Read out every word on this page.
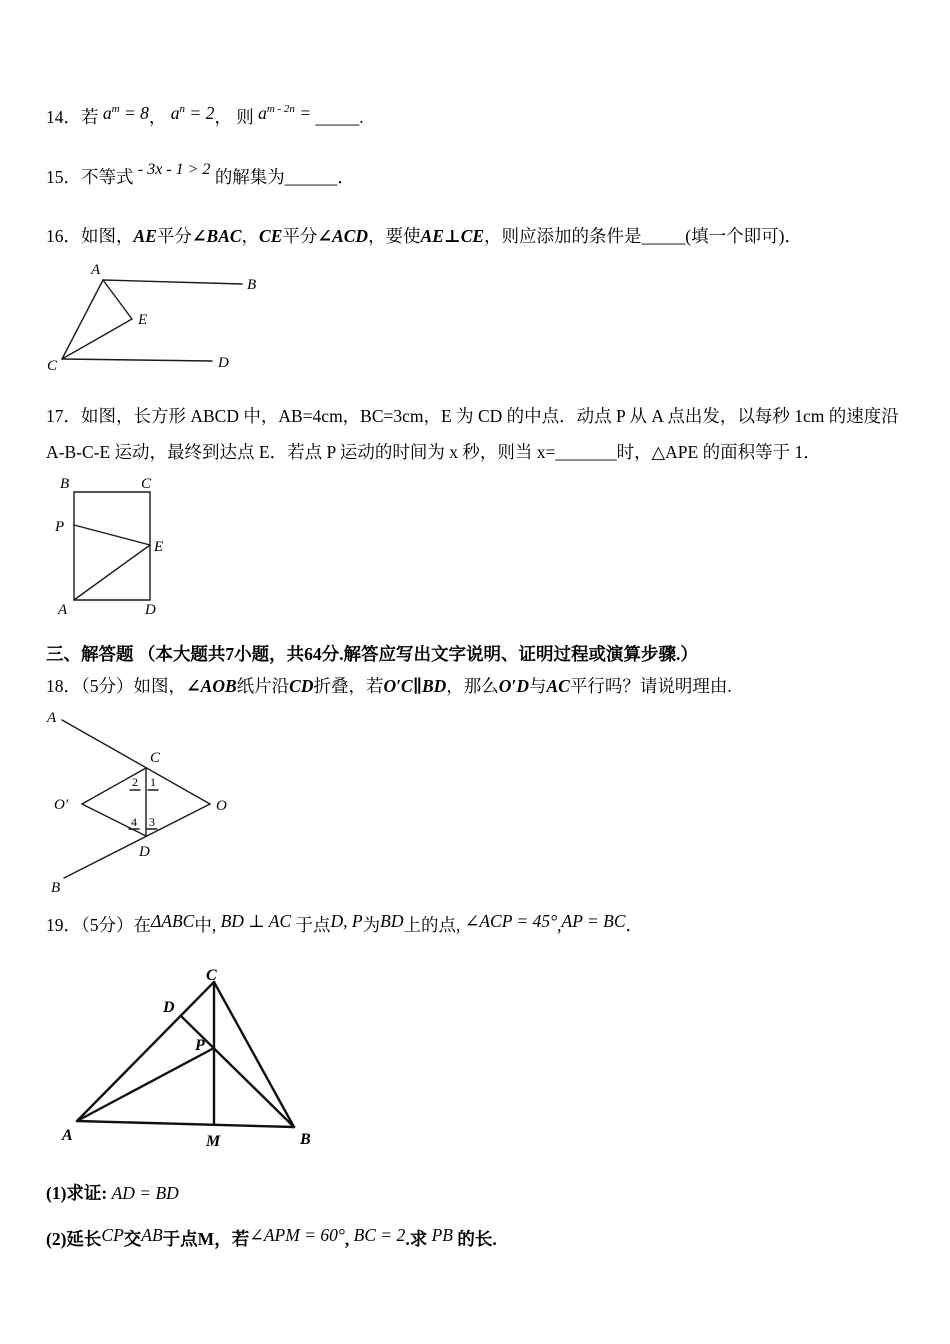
14．若 $a^m = 8$， $a^n = 2$， 则 $a^{m - 2n}$ = _____.
15．不等式 - 3x - 1 > 2 的解集为______．
16．如图，AE平分∠BAC，CE平分∠ACD，要使AE⊥CE，则应添加的条件是_____(填一个即可)．
A
B
E
C	D
17．如图，长方形 ABCD 中，AB=4cm，BC=3cm，E 为 CD 的中点．动点 P 从 A 点出发，以每秒 1cm 的速度沿 A-B-C-E 运动，最终到达点 E．若点 P 运动的时间为 x 秒，则当 x=_______时，△APE 的面积等于 1．
B	C
P
E
A	D
三、解答题 （本大题共7小题，共64分.解答应写出文字说明、证明过程或演算步骤.）
18．（5分）如图，∠AOB纸片沿CD折叠，若O′C∥BD，那么O′D与AC平行吗？请说明理由.
A
C
O′	O
D
B
2 1
4 3
19．（5分）在ΔABC中, BD ⊥ AC 于点D, P为BD上的点, ∠ACP = 45°,AP = BC．
C
D
P
A	M	B
(1)求证: AD = BD
(2)延长CP交AB于点M，若∠APM = 60°, BC = 2.求 PB 的长.
